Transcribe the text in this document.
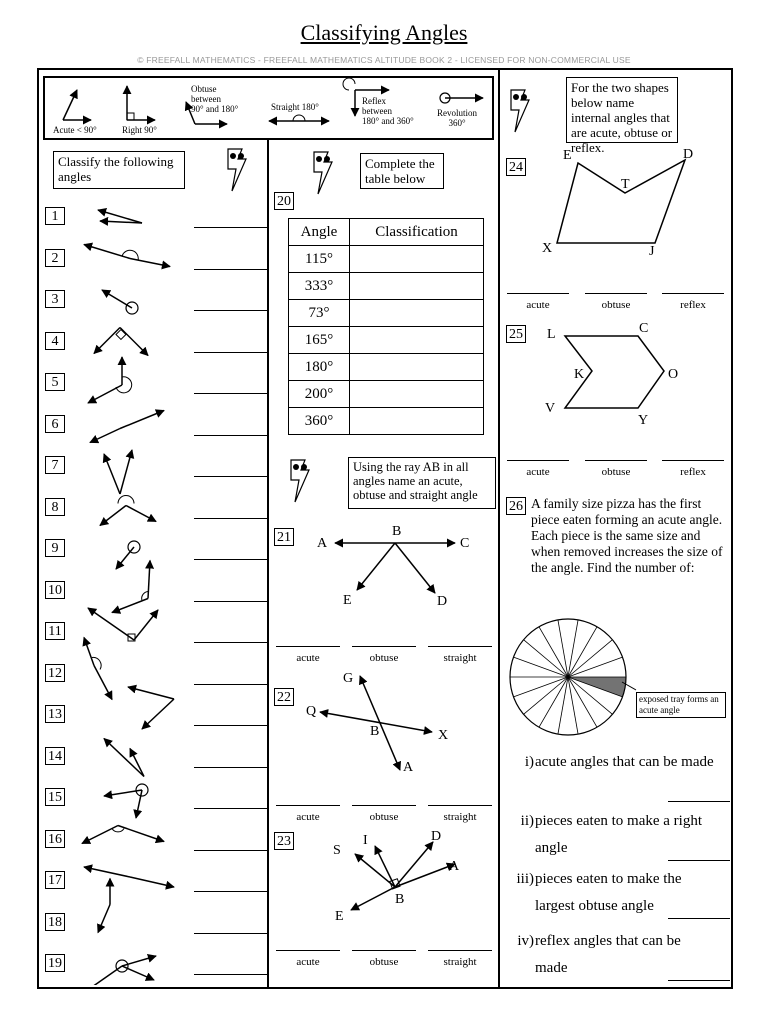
Classifying Angles
© FREEFALL MATHEMATICS - FREEFALL MATHEMATICS ALTITUDE BOOK 2 - LICENSED FOR NON-COMMERCIAL USE
Acute < 90°	Right 90°
Obtuse
between
90° and 180°	Straight 180°
Reflex
between
180° and 360°
Revolution
360°
Classify the following angles
1
2
3
4
5
6
7
8
9
10
11
12
13
14
15
16
17
18
19
Complete the table below
20
Angle	Classification
115°	
333°	
73°	
165°	
180°	
200°	
360°	
Using the ray AB in all angles name an acute, obtuse and straight angle
21 A
B
C
E	D
acute	obtuse	straight
22
G
Q
B	X
A
acute	obtuse	straight
23
S
I	D
A
B
E
acute	obtuse	straight
For the two shapes below name internal angles that are acute, obtuse or reflex.
24
E	D
T
X	J
acute	obtuse	reflex
25 L	C
K	O
V
Y
acute	obtuse	reflex
26 A family size pizza has the first piece eaten forming an acute angle. Each piece is the same size and when removed increases the size of the angle. Find the number of:
exposed tray forms an acute angle
i) acute angles that can be made
ii) pieces eaten to make a right angle
iii) pieces eaten to make the largest obtuse angle
iv) reflex angles that can be made
